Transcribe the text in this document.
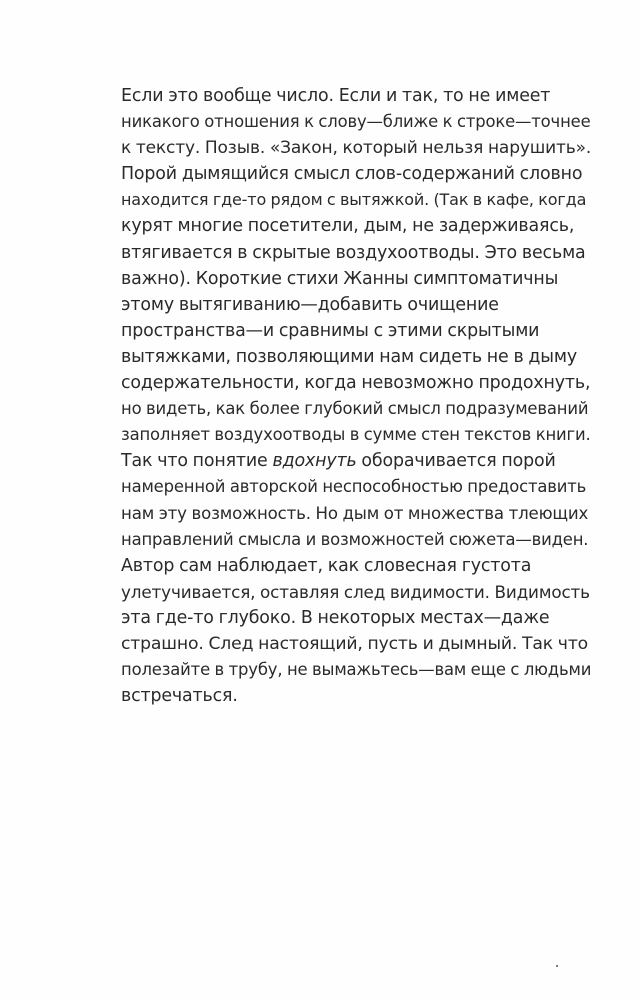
Если это вообще число. Если и так, то не имеет
никакого отношения к слову—ближе к строке—точнее
к тексту. Позыв. «Закон, который нельзя нарушить».
Порой дымящийся смысл слов-содержаний словно
находится где-то рядом с вытяжкой. (Так в кафе, когда
курят многие посетители, дым, не задерживаясь,
втягивается в скрытые воздухоотводы. Это весьма
важно). Короткие стихи Жанны симптоматичны
этому вытягиванию—добавить очищение
пространства—и сравнимы с этими скрытыми
вытяжками, позволяющими нам сидеть не в дыму
содержательности, когда невозможно продохнуть,
но видеть, как более глубокий смысл подразумеваний
заполняет воздухоотводы в сумме стен текстов книги.
Так что понятие вдохнуть оборачивается порой
намеренной авторской неспособностью предоставить
нам эту возможность. Но дым от множества тлеющих
направлений смысла и возможностей сюжета—виден.
Автор сам наблюдает, как словесная густота
улетучивается, оставляя след видимости. Видимость
эта где-то глубоко. В некоторых местах—даже
страшно. След настоящий, пусть и дымный. Так что
полезайте в трубу, не вымажьтесь—вам еще с людьми
встречаться.
